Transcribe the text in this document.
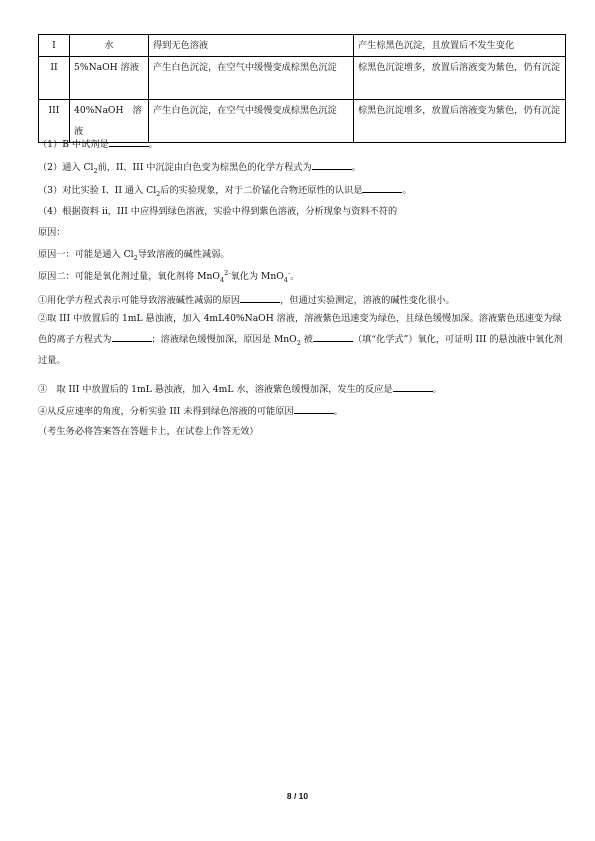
I	水	得到无色溶液	产生棕黑色沉淀，且放置后不发生变化
II	5%NaOH 溶液	产生白色沉淀，在空气中缓慢变成棕黑色沉淀	棕黑色沉淀增多，放置后溶液变为紫色，仍有沉淀
III	40%NaOH　溶液	产生白色沉淀，在空气中缓慢变成棕黑色沉淀	棕黑色沉淀增多，放置后溶液变为紫色，仍有沉淀
（1）B 中试剂是	。
（2）通入 $Cl_2$前，II、III 中沉淀由白色变为棕黑色的化学方程式为	。
（3）对比实验 I、II 通入 $Cl_2$后的实验现象，对于二价锰化合物还原性的认识是	。
（4）根据资料 ii，III 中应得到绿色溶液，实验中得到紫色溶液，分析现象与资料不符的
原因：
原因一：可能是通入 $Cl_2$导致溶液的碱性减弱。
原因二：可能是氧化剂过量，氧化剂将 MnO$_4^{2-}$氧化为 MnO$_4$-。
①用化学方程式表示可能导致溶液碱性减弱的原因	，但通过实验测定，溶液的碱性变化很小。
②取 III 中放置后的 1mL 悬浊液，加入 4mL40%NaOH 溶液，溶液紫色迅速变为绿色，且绿色缓慢加深。溶液紫色迅速变为绿色的离子方程式为	；溶液绿色缓慢加深，原因是 MnO$_2$ 被	（填“化学式”）氧化，可证明 III 的悬浊液中氧化剂过量。
③　取 III 中放置后的 1mL 悬浊液，加入 4mL 水，溶液紫色缓慢加深，发生的反应是	。
④从反应速率的角度，分析实验 III 未得到绿色溶液的可能原因	。
（考生务必将答案答在答题卡上，在试卷上作答无效）
8 / 10
